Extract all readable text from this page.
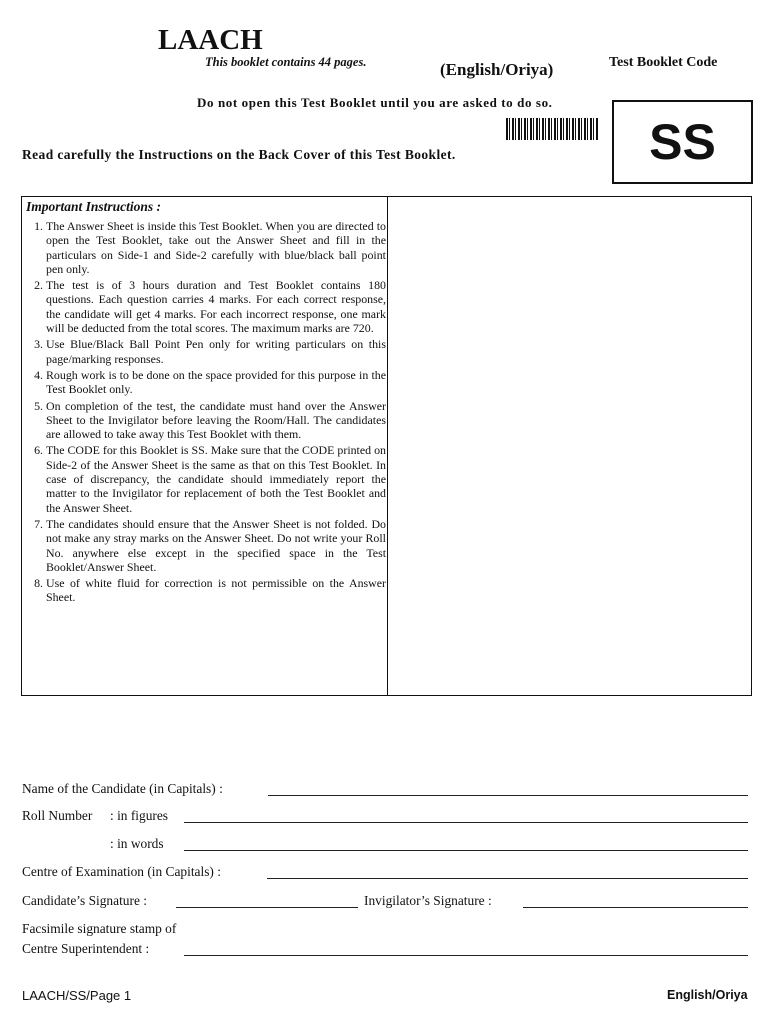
LAACH
(English/Oriya)
This booklet contains 44 pages.
Do not open this Test Booklet until you are asked to do so.
Test Booklet Code
SS
Read carefully the Instructions on the Back Cover of this Test Booklet.
Important Instructions :
1. The Answer Sheet is inside this Test Booklet. When you are directed to open the Test Booklet, take out the Answer Sheet and fill in the particulars on Side-1 and Side-2 carefully with blue/black ball point pen only.
2. The test is of 3 hours duration and Test Booklet contains 180 questions. Each question carries 4 marks. For each correct response, the candidate will get 4 marks. For each incorrect response, one mark will be deducted from the total scores. The maximum marks are 720.
3. Use Blue/Black Ball Point Pen only for writing particulars on this page/marking responses.
4. Rough work is to be done on the space provided for this purpose in the Test Booklet only.
5. On completion of the test, the candidate must hand over the Answer Sheet to the Invigilator before leaving the Room/Hall. The candidates are allowed to take away this Test Booklet with them.
6. The CODE for this Booklet is SS. Make sure that the CODE printed on Side-2 of the Answer Sheet is the same as that on this Test Booklet. In case of discrepancy, the candidate should immediately report the matter to the Invigilator for replacement of both the Test Booklet and the Answer Sheet.
7. The candidates should ensure that the Answer Sheet is not folded. Do not make any stray marks on the Answer Sheet. Do not write your Roll No. anywhere else except in the specified space in the Test Booklet/Answer Sheet.
8. Use of white fluid for correction is not permissible on the Answer Sheet.
Name of the Candidate (in Capitals) :
Roll Number : in figures
: in words
Centre of Examination (in Capitals) :
Candidate’s Signature :	Invigilator’s Signature :
Facsimile signature stamp of
Centre Superintendent :
LAACH/SS/Page 1	English/Oriya
